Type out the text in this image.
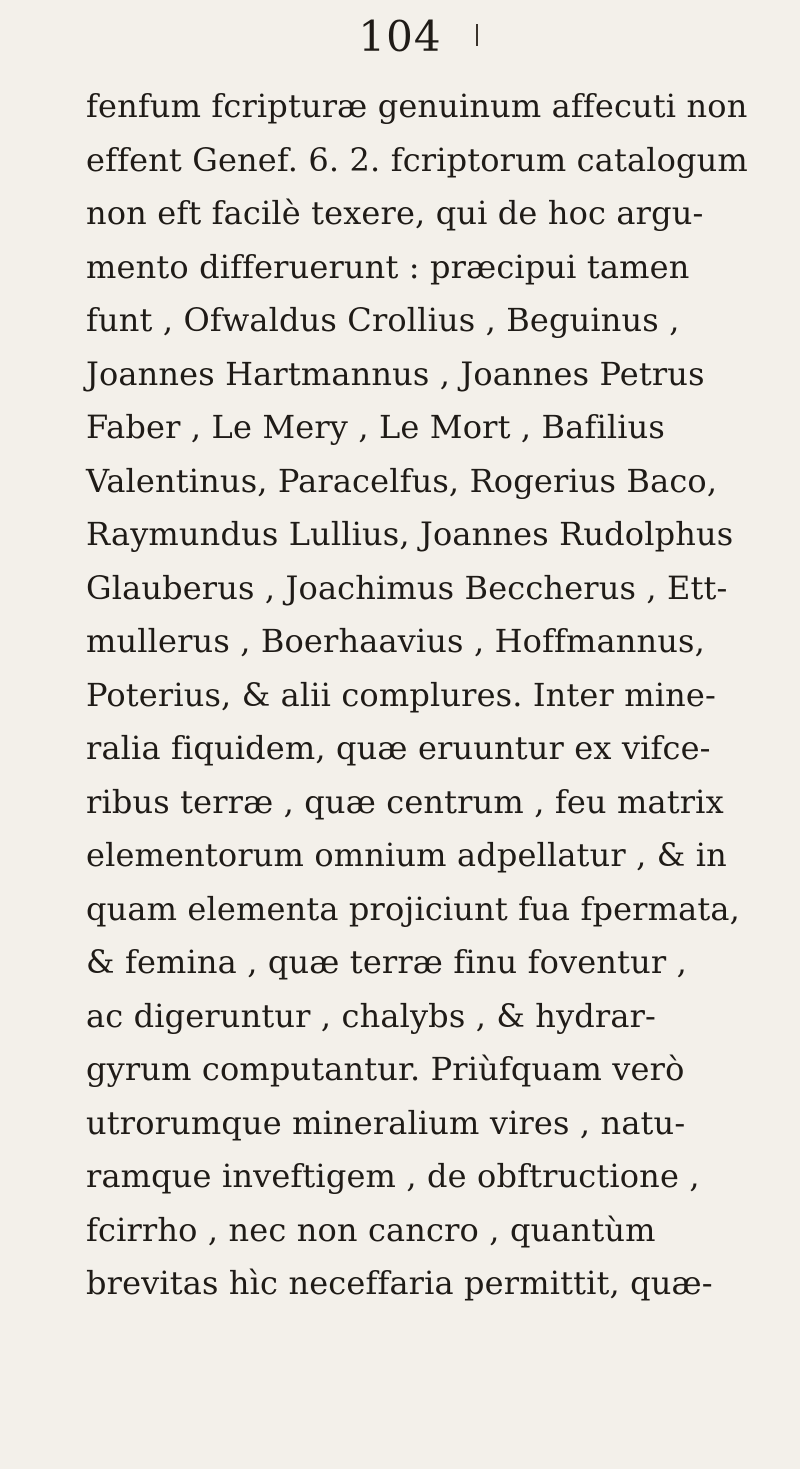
104
fenfum fcripturæ genuinum affecuti non
effent Genef. 6. 2. fcriptorum catalogum
non eft facilè texere, qui de hoc argu-
mento differuerunt : præcipui tamen
funt , Ofwaldus Crollius , Beguinus ,
Joannes Hartmannus , Joannes Petrus
Faber , Le Mery , Le Mort , Bafilius
Valentinus, Paracelfus, Rogerius Baco,
Raymundus Lullius, Joannes Rudolphus
Glauberus , Joachimus Beccherus , Ett-
mullerus , Boerhaavius , Hoffmannus,
Poterius, & alii complures. Inter mine-
ralia fiquidem, quæ eruuntur ex vifce-
ribus terræ , quæ centrum , feu matrix
elementorum omnium adpellatur , & in
quam elementa projiciunt fua fpermata,
& femina , quæ terræ finu foventur ,
ac digeruntur , chalybs , & hydrar-
gyrum computantur. Priùfquam verò
utrorumque mineralium vires , natu-
ramque inveftigem , de obftructione ,
fcirrho , nec non cancro , quantùm
brevitas hìc neceffaria permittit, quæ-
